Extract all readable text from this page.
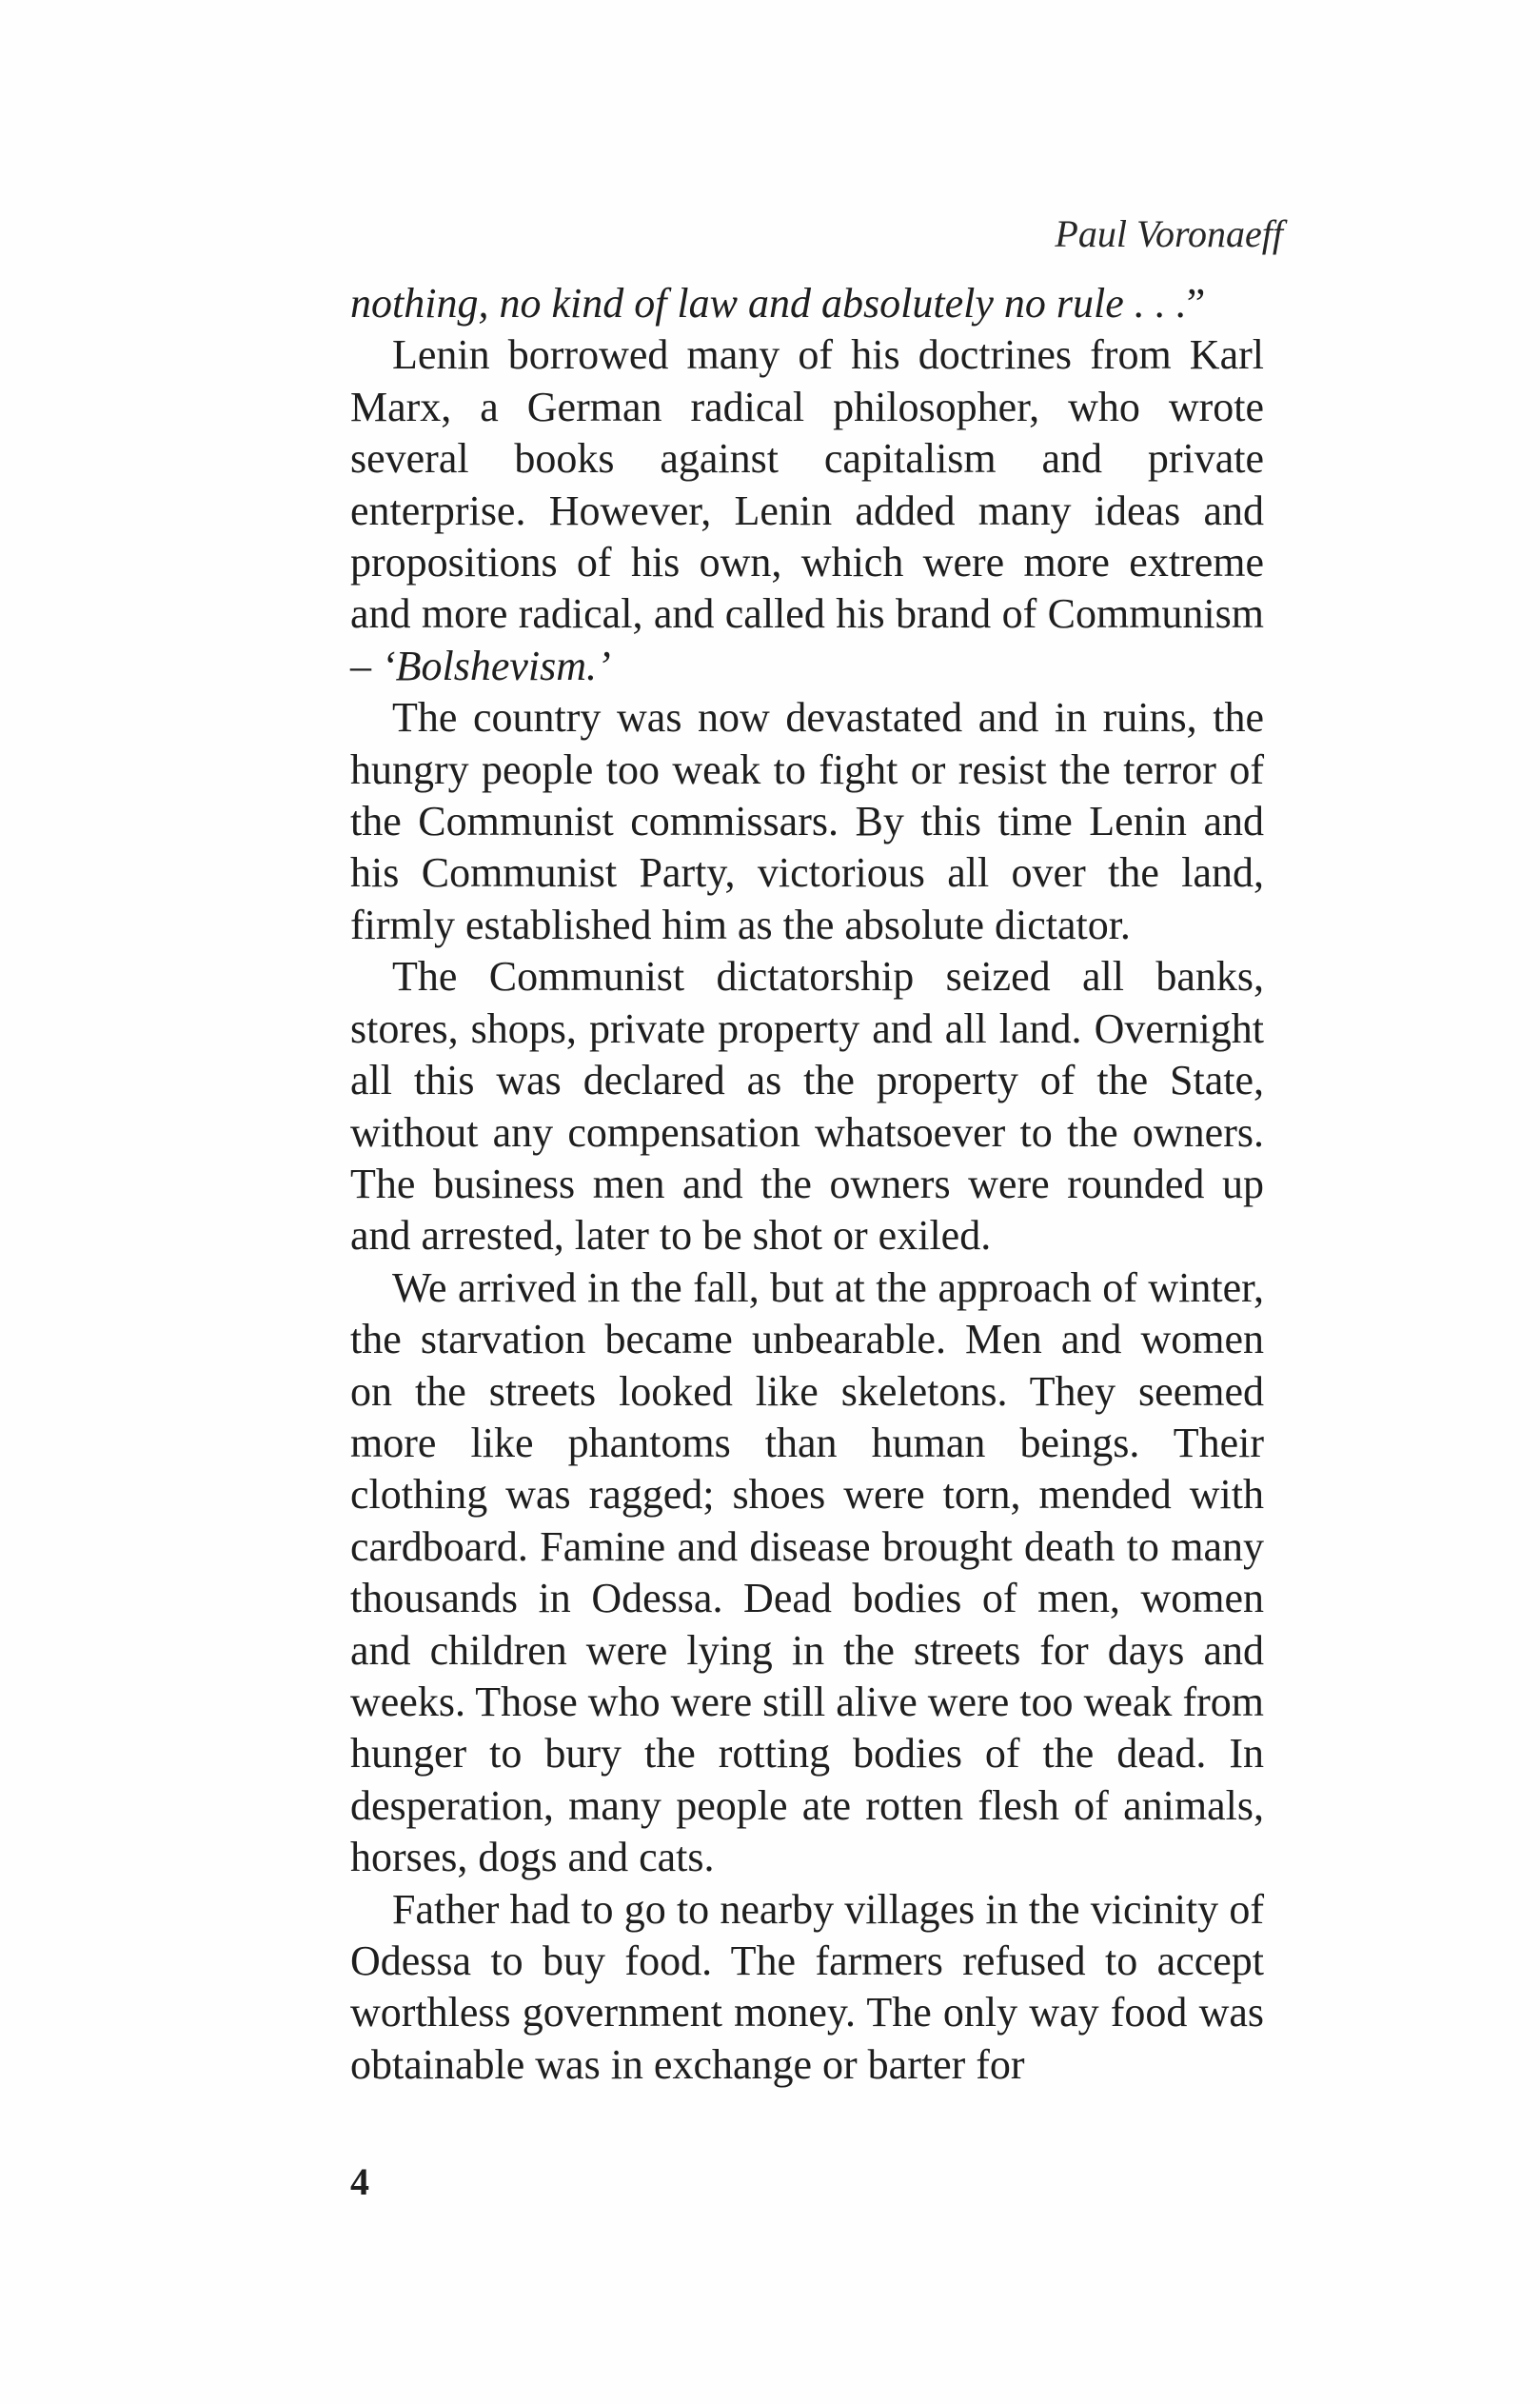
Paul Voronaeff

nothing, no kind of law and absolutely no rule . . .”

Lenin borrowed many of his doctrines from Karl Marx, a German radical philosopher, who wrote several books against capitalism and private enterprise. However, Lenin added many ideas and propositions of his own, which were more extreme and more radical, and called his brand of Communism – ‘Bolshevism.’

The country was now devastated and in ruins, the hungry people too weak to fight or resist the terror of the Communist commissars. By this time Lenin and his Communist Party, victorious all over the land, firmly established him as the absolute dictator.

The Communist dictatorship seized all banks, stores, shops, private property and all land. Overnight all this was declared as the property of the State, without any compensation whatsoever to the owners. The business men and the owners were rounded up and arrested, later to be shot or exiled.

We arrived in the fall, but at the approach of winter, the starvation became unbearable. Men and women on the streets looked like skeletons. They seemed more like phantoms than human beings. Their clothing was ragged; shoes were torn, mended with cardboard. Famine and disease brought death to many thousands in Odessa. Dead bodies of men, women and children were lying in the streets for days and weeks. Those who were still alive were too weak from hunger to bury the rotting bodies of the dead. In desperation, many people ate rotten flesh of animals, horses, dogs and cats.

Father had to go to nearby villages in the vicinity of Odessa to buy food. The farmers refused to accept worthless government money. The only way food was obtainable was in exchange or barter for

4
